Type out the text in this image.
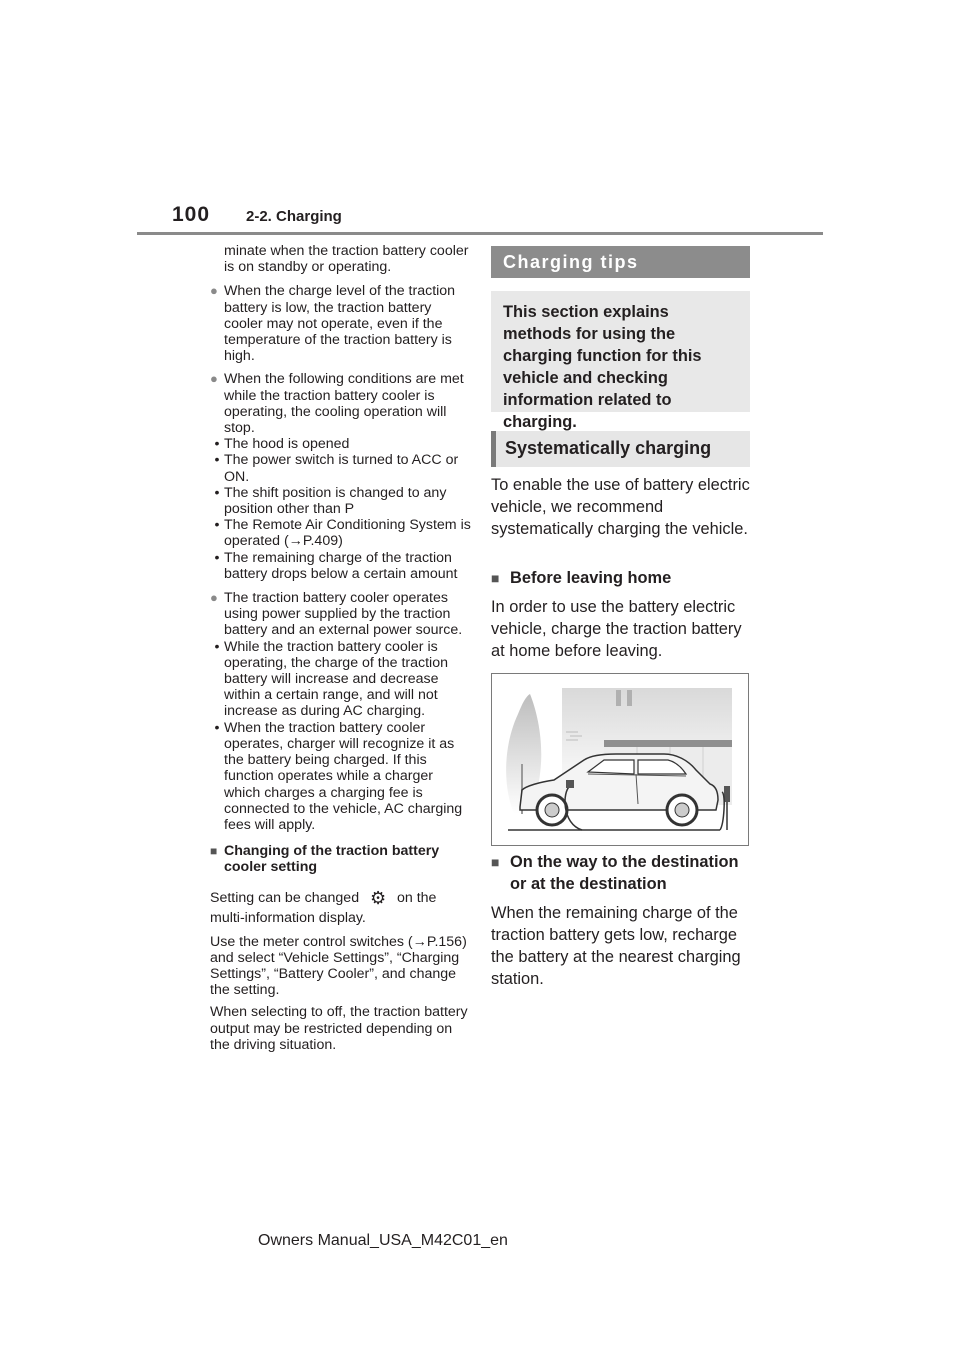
100 2-2. Charging
minate when the traction battery cooler is on standby or operating.
● When the charge level of the traction battery is low, the traction battery cooler may not operate, even if the temperature of the traction battery is high.
● When the following conditions are met while the traction battery cooler is operating, the cooling operation will stop.
• The hood is opened
• The power switch is turned to ACC or ON.
• The shift position is changed to any position other than P
• The Remote Air Conditioning System is operated (→P.409)
• The remaining charge of the traction battery drops below a certain amount
● The traction battery cooler operates using power supplied by the traction battery and an external power source.
• While the traction battery cooler is operating, the charge of the traction battery will increase and decrease within a certain range, and will not increase as during AC charging.
• When the traction battery cooler operates, charger will recognize it as the battery being charged. If this function operates while a charger which charges a charging fee is connected to the vehicle, AC charging fees will apply.
■ Changing of the traction battery cooler setting
Setting can be changed ⚙ on the multi-information display.
Use the meter control switches (→P.156) and select “Vehicle Settings”, “Charging Settings”, “Battery Cooler”, and change the setting.
When selecting to off, the traction battery output may be restricted depending on the driving situation.
Charging tips
This section explains methods for using the charging function for this vehicle and checking information related to charging.
Systematically charging
To enable the use of battery electric vehicle, we recommend systematically charging the vehicle.
■ Before leaving home
In order to use the battery electric vehicle, charge the traction battery at home before leaving.
■ On the way to the destination or at the destination
When the remaining charge of the traction battery gets low, recharge the battery at the nearest charging station.
Owners Manual_USA_M42C01_en
